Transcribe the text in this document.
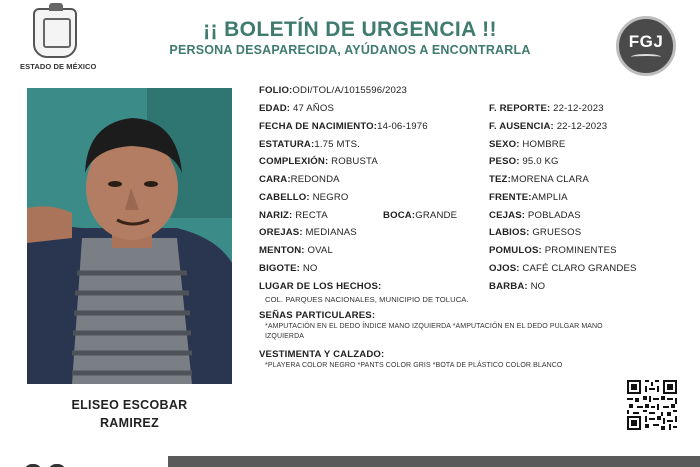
ESTADO DE MÉXICO
¡¡ BOLETÍN DE URGENCIA !!
PERSONA DESAPARECIDA, AYÚDANOS A ENCONTRARLA	FGJ
ELISEO ESCOBAR
RAMIREZ
FOLIO:ODI/TOL/A/1015596/2023
EDAD: 47 AÑOS
FECHA DE NACIMIENTO:14-06-1976
ESTATURA:1.75 MTS.
COMPLEXIÓN: ROBUSTA
CARA:REDONDA
CABELLO: NEGRO
NARIZ: RECTA	BOCA:GRANDE
OREJAS: MEDIANAS
MENTON: OVAL
BIGOTE: NO
F. REPORTE: 22-12-2023
F. AUSENCIA: 22-12-2023
SEXO: HOMBRE
PESO: 95.0 KG
TEZ:MORENA CLARA
FRENTE:AMPLIA
CEJAS: POBLADAS
LABIOS: GRUESOS
POMULOS: PROMINENTES
OJOS: CAFÉ CLARO GRANDES
BARBA: NO
LUGAR DE LOS HECHOS:
COL. PARQUES NACIONALES, MUNICIPIO DE TOLUCA.
SEÑAS PARTICULARES:
*AMPUTACIÓN EN EL DEDO ÍNDICE MANO IZQUIERDA *AMPUTACIÓN EN EL DEDO PULGAR MANO
IZQUIERDA
VESTIMENTA Y CALZADO:
*PLAYERA COLOR NEGRO *PANTS COLOR GRIS *BOTA DE PLÁSTICO COLOR BLANCO
